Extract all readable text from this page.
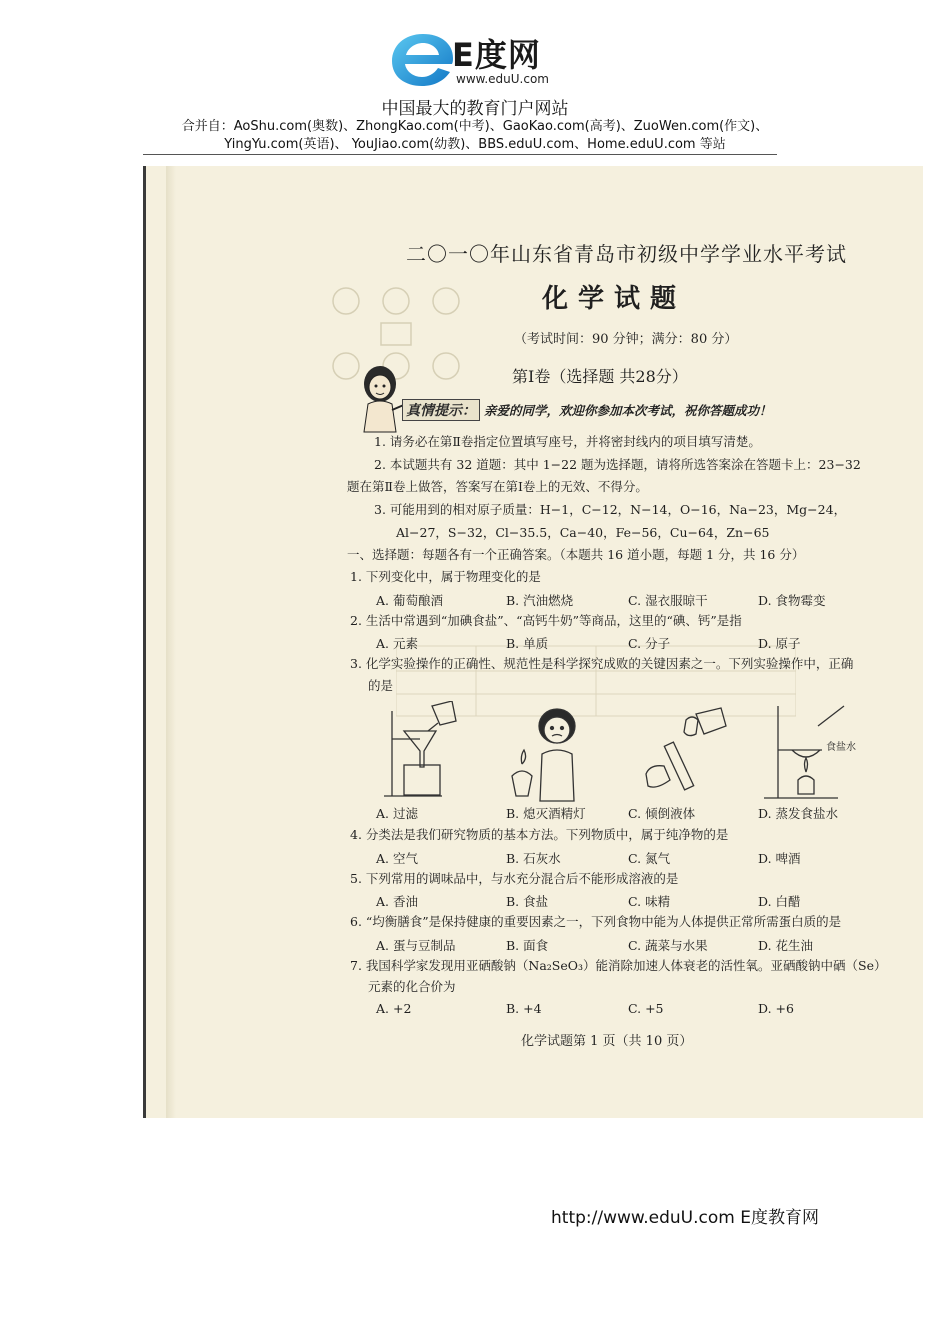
E度网
www.eduU.com
中国最大的教育门户网站
合并自：AoShu.com(奥数)、ZhongKao.com(中考)、GaoKao.com(高考)、ZuoWen.com(作文)、
YingYu.com(英语)、 YouJiao.com(幼教)、BBS.eduU.com、Home.eduU.com 等站
二〇一〇年山东省青岛市初级中学学业水平考试
化学试题
（考试时间：90 分钟；满分：80 分）
第Ⅰ卷（选择题 共28分）
真情提示： 亲爱的同学，欢迎你参加本次考试，祝你答题成功！
1. 请务必在第Ⅱ卷指定位置填写座号，并将密封线内的项目填写清楚。
2. 本试题共有 32 道题：其中 1−22 题为选择题，请将所选答案涂在答题卡上：23−32
题在第Ⅱ卷上做答，答案写在第Ⅰ卷上的无效、不得分。
3. 可能用到的相对原子质量：H−1，C−12，N−14，O−16，Na−23，Mg−24，
Al−27，S−32，Cl−35.5，Ca−40，Fe−56，Cu−64，Zn−65
一、选择题：每题各有一个正确答案。（本题共 16 道小题，每题 1 分，共 16 分）
1. 下列变化中，属于物理变化的是
A. 葡萄酿酒	B. 汽油燃烧	C. 湿衣服晾干	D. 食物霉变
2. 生活中常遇到“加碘食盐”、“高钙牛奶”等商品，这里的“碘、钙”是指
A. 元素	B. 单质	C. 分子	D. 原子
3. 化学实验操作的正确性、规范性是科学探究成败的关键因素之一。下列实验操作中，正确
的是
食盐水
A. 过滤	B. 熄灭酒精灯	C. 倾倒液体	D. 蒸发食盐水
4. 分类法是我们研究物质的基本方法。下列物质中，属于纯净物的是
A. 空气	B. 石灰水	C. 氮气	D. 啤酒
5. 下列常用的调味品中，与水充分混合后不能形成溶液的是
A. 香油	B. 食盐	C. 味精	D. 白醋
6. “均衡膳食”是保持健康的重要因素之一，下列食物中能为人体提供正常所需蛋白质的是
A. 蛋与豆制品	B. 面食	C. 蔬菜与水果	D. 花生油
7. 我国科学家发现用亚硒酸钠（Na₂SeO₃）能消除加速人体衰老的活性氧。亚硒酸钠中硒（Se）
元素的化合价为
A. +2	B. +4	C. +5	D. +6
化学试题第 1 页（共 10 页）
http://www.eduU.com E度教育网
